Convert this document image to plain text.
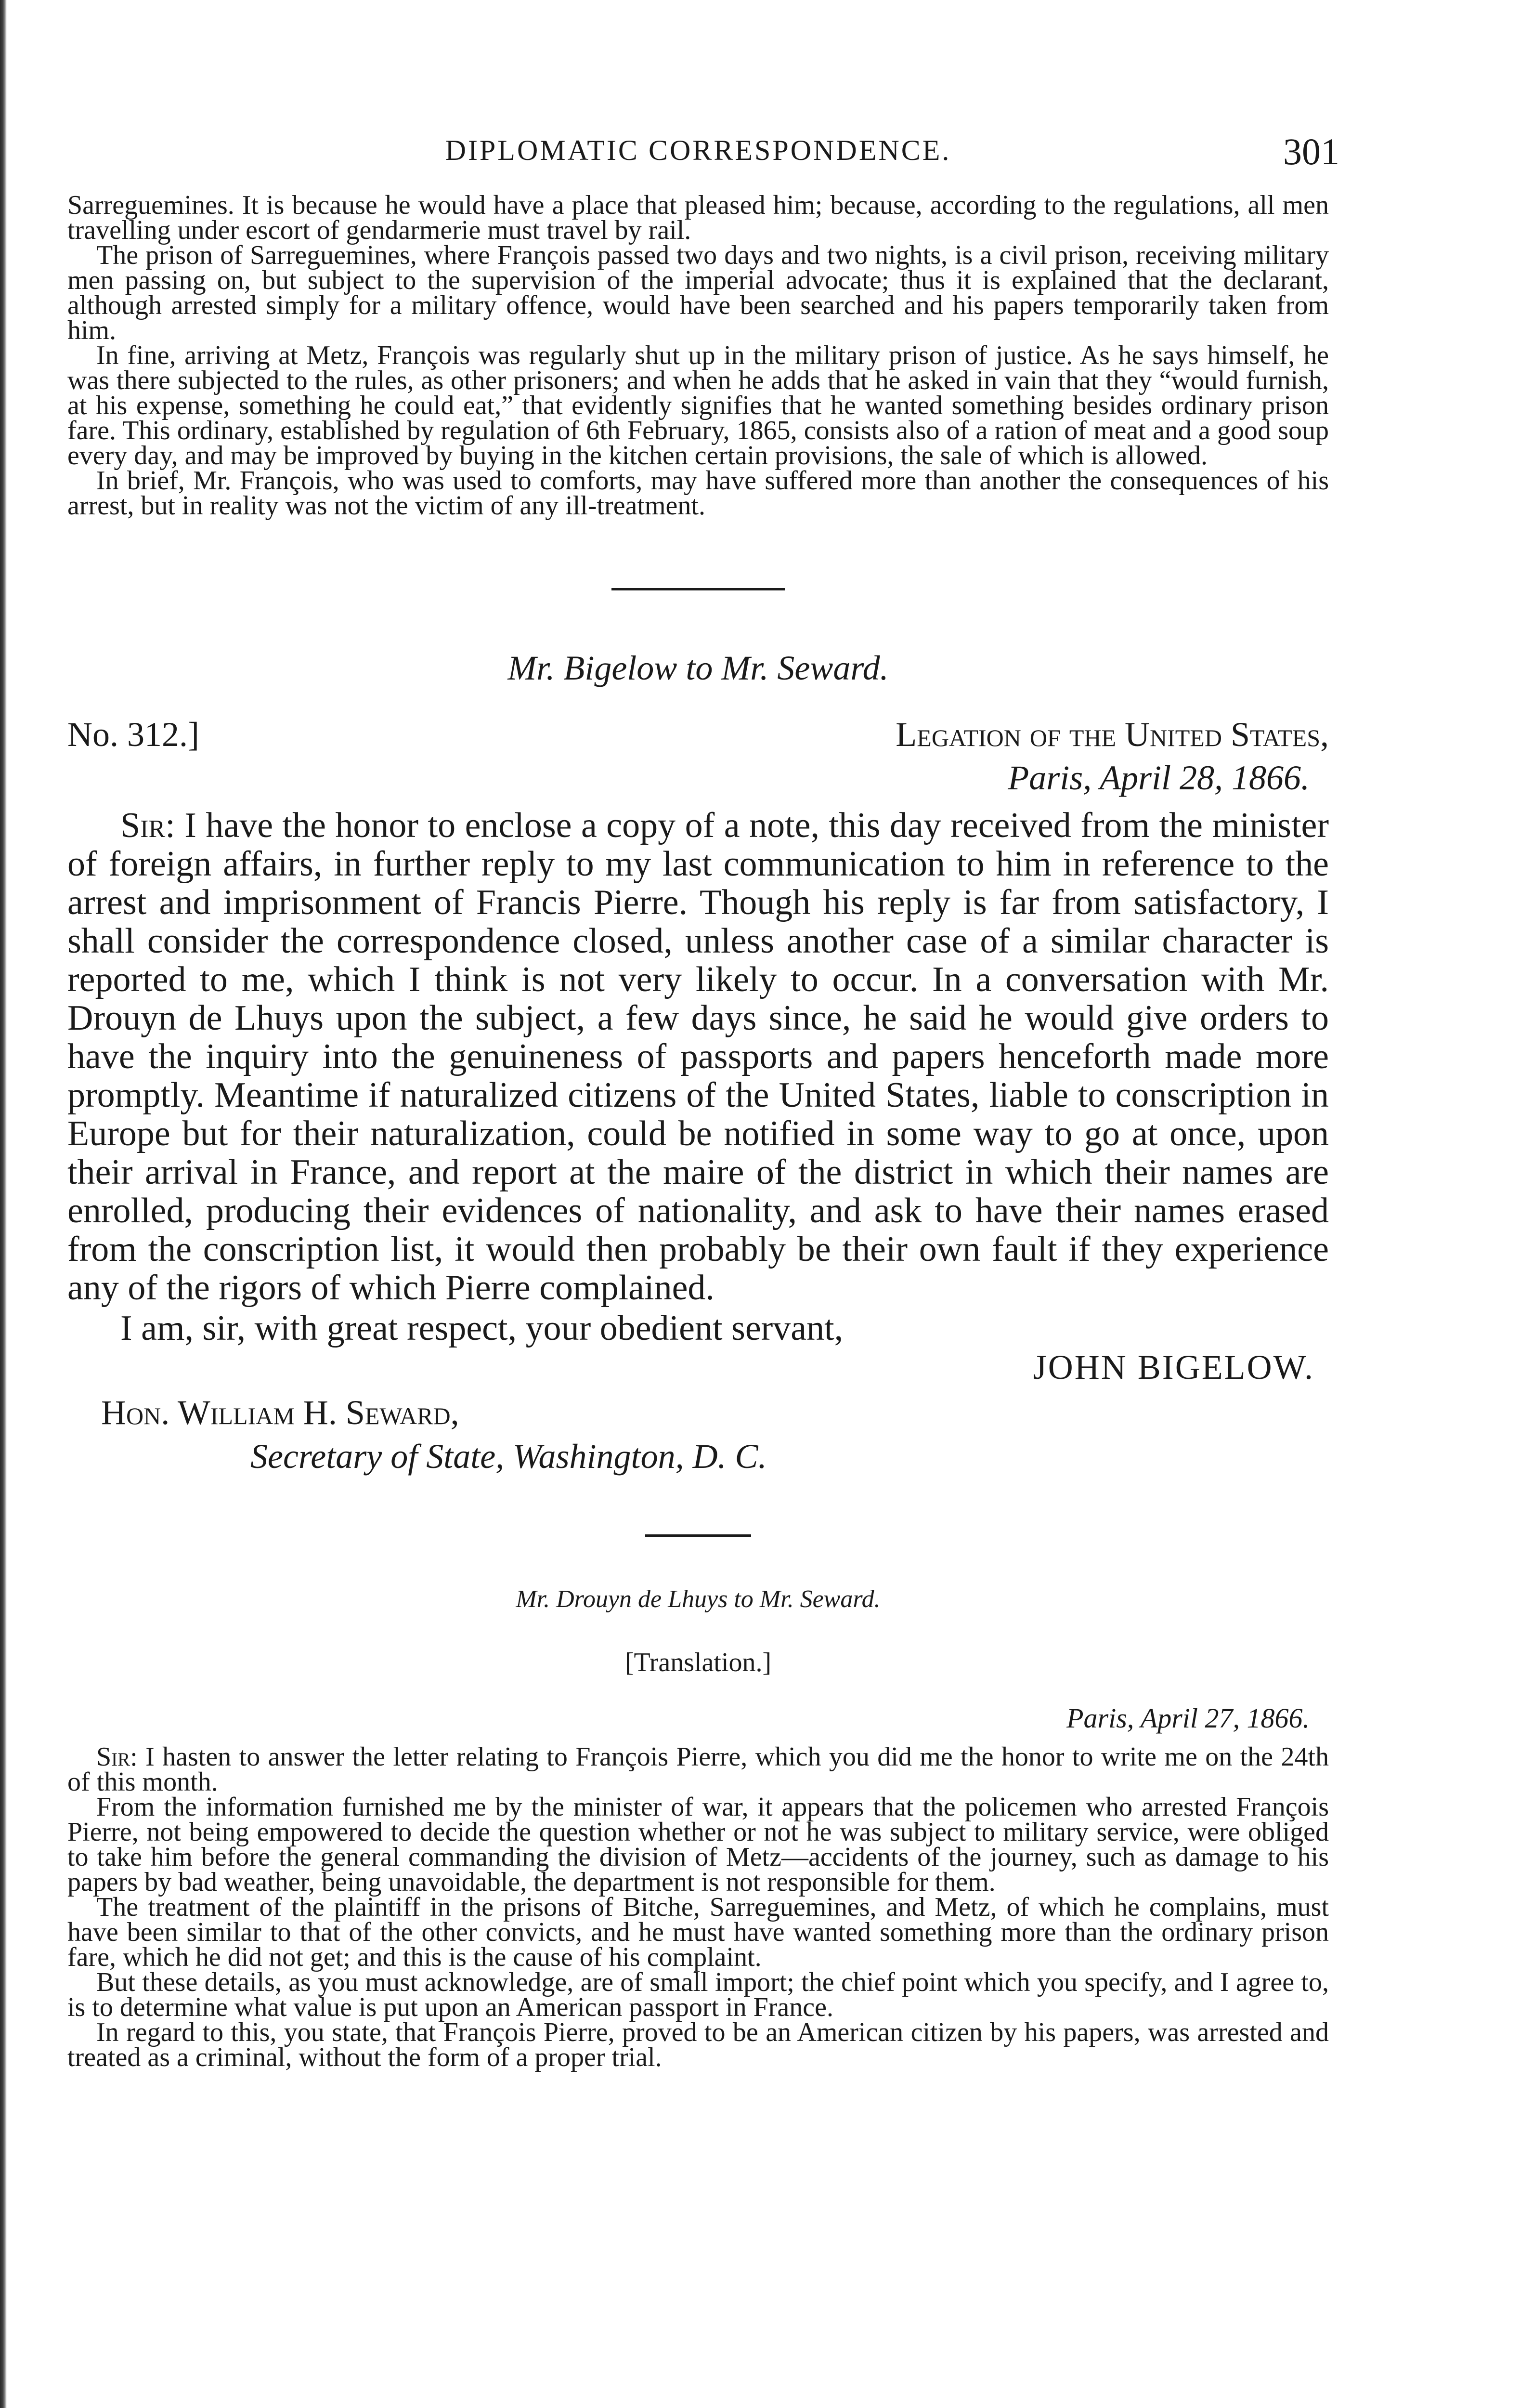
DIPLOMATIC CORRESPONDENCE.	301

Sarreguemines. It is because he would have a place that pleased him; because, according to the regulations, all men travelling under escort of gendarmerie must travel by rail.

The prison of Sarreguemines, where François passed two days and two nights, is a civil prison, receiving military men passing on, but subject to the supervision of the imperial advocate; thus it is explained that the declarant, although arrested simply for a military offence, would have been searched and his papers temporarily taken from him.

In fine, arriving at Metz, François was regularly shut up in the military prison of justice. As he says himself, he was there subjected to the rules, as other prisoners; and when he adds that he asked in vain that they “would furnish, at his expense, something he could eat,” that evidently signifies that he wanted something besides ordinary prison fare. This ordinary, established by regulation of 6th February, 1865, consists also of a ration of meat and a good soup every day, and may be improved by buying in the kitchen certain provisions, the sale of which is allowed.

In brief, Mr. François, who was used to comforts, may have suffered more than another the consequences of his arrest, but in reality was not the victim of any ill-treatment.

Mr. Bigelow to Mr. Seward.
No. 312.]	Legation of the United States,
Paris, April 28, 1866.

Sir: I have the honor to enclose a copy of a note, this day received from the minister of foreign affairs, in further reply to my last communication to him in reference to the arrest and imprisonment of Francis Pierre. Though his reply is far from satisfactory, I shall consider the correspondence closed, unless another case of a similar character is reported to me, which I think is not very likely to occur. In a conversation with Mr. Drouyn de Lhuys upon the subject, a few days since, he said he would give orders to have the inquiry into the genuineness of passports and papers henceforth made more promptly. Meantime if naturalized citizens of the United States, liable to conscription in Europe but for their naturalization, could be notified in some way to go at once, upon their arrival in France, and report at the maire of the district in which their names are enrolled, producing their evidences of nationality, and ask to have their names erased from the conscription list, it would then probably be their own fault if they experience any of the rigors of which Pierre complained.

I am, sir, with great respect, your obedient servant,

JOHN BIGELOW.
Hon. William H. Seward,
Secretary of State, Washington, D. C.
Mr. Drouyn de Lhuys to Mr. Seward.
[Translation.]
Paris, April 27, 1866.

Sir: I hasten to answer the letter relating to François Pierre, which you did me the honor to write me on the 24th of this month.

From the information furnished me by the minister of war, it appears that the policemen who arrested François Pierre, not being empowered to decide the question whether or not he was subject to military service, were obliged to take him before the general commanding the division of Metz—accidents of the journey, such as damage to his papers by bad weather, being unavoidable, the department is not responsible for them.

The treatment of the plaintiff in the prisons of Bitche, Sarreguemines, and Metz, of which he complains, must have been similar to that of the other convicts, and he must have wanted something more than the ordinary prison fare, which he did not get; and this is the cause of his complaint.

But these details, as you must acknowledge, are of small import; the chief point which you specify, and I agree to, is to determine what value is put upon an American passport in France.

In regard to this, you state, that François Pierre, proved to be an American citizen by his papers, was arrested and treated as a criminal, without the form of a proper trial.
